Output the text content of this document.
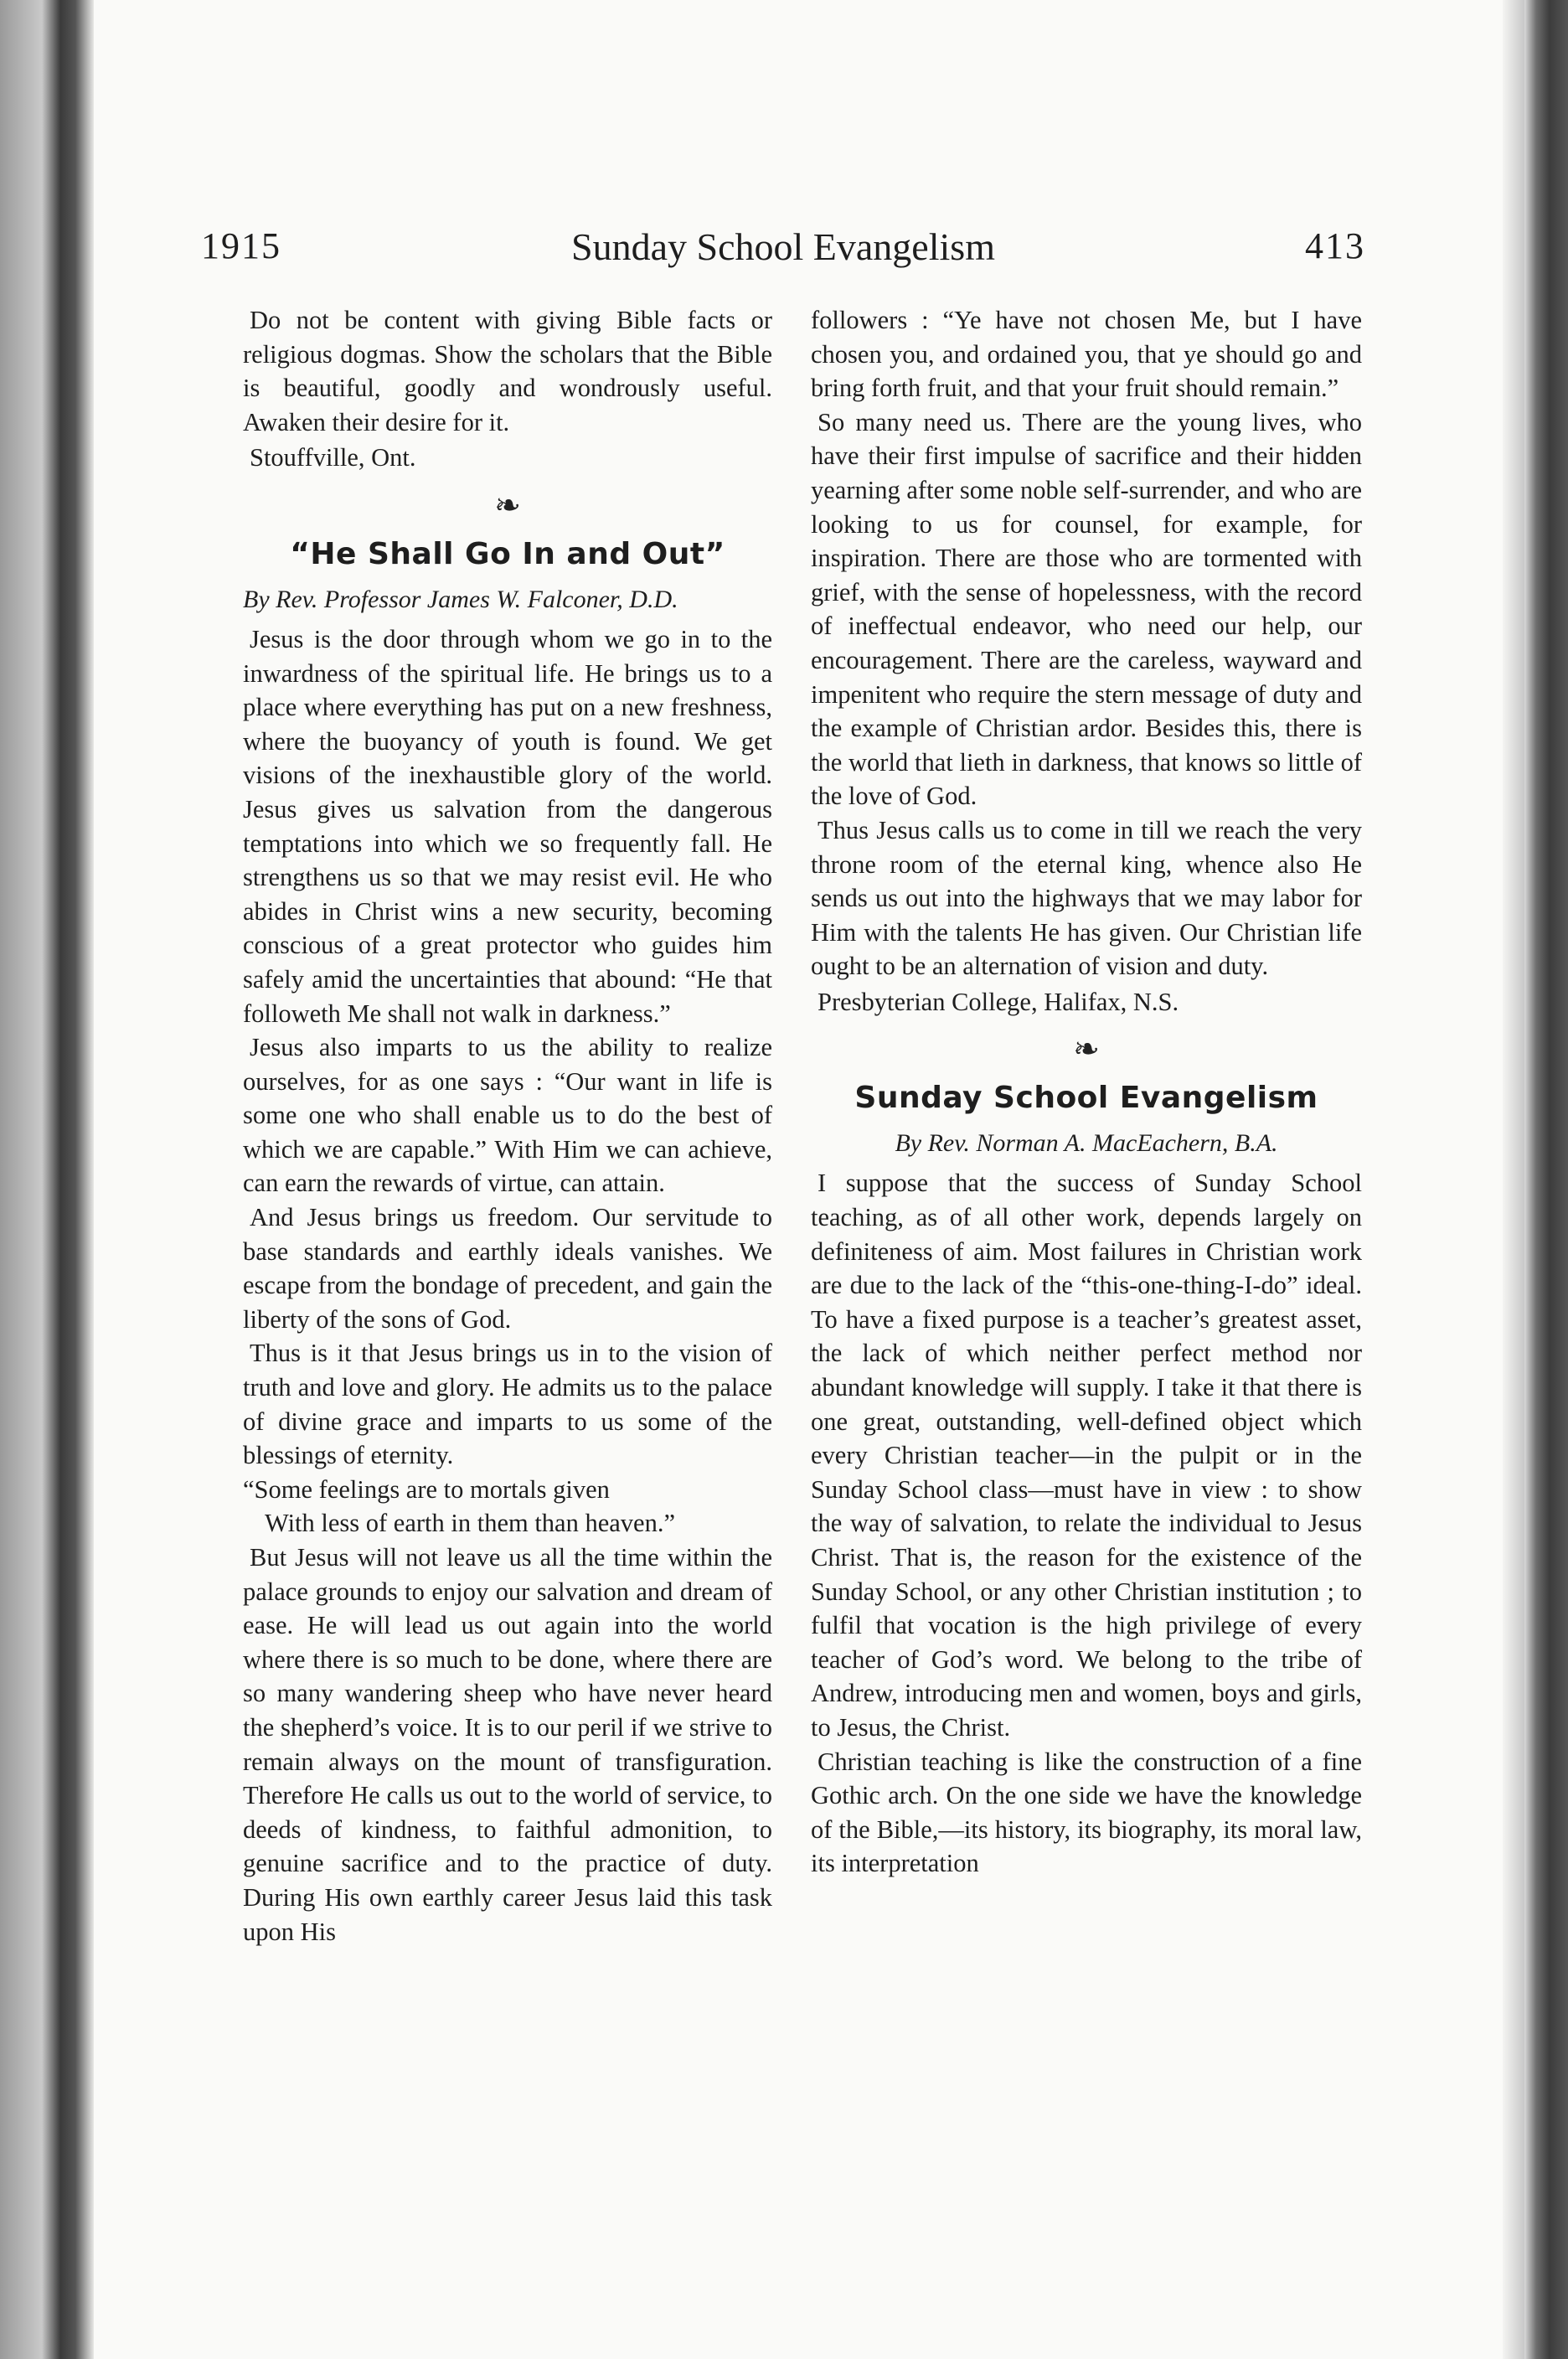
1915	Sunday School Evangelism	413

Do not be content with giving Bible facts or religious dogmas. Show the scholars that the Bible is beautiful, goodly and wondrously useful. Awaken their desire for it.

Stouffville, Ont.

❧
“He Shall Go In and Out”
By Rev. Professor James W. Falconer, D.D.

Jesus is the door through whom we go in to the inwardness of the spiritual life. He brings us to a place where everything has put on a new freshness, where the buoyancy of youth is found. We get visions of the inexhaustible glory of the world. Jesus gives us salvation from the dangerous temptations into which we so frequently fall. He strengthens us so that we may resist evil. He who abides in Christ wins a new security, becoming conscious of a great protector who guides him safely amid the uncertainties that abound: “He that followeth Me shall not walk in darkness.”

Jesus also imparts to us the ability to realize ourselves, for as one says : “Our want in life is some one who shall enable us to do the best of which we are capable.” With Him we can achieve, can earn the rewards of virtue, can attain.

And Jesus brings us freedom. Our servitude to base standards and earthly ideals vanishes. We escape from the bondage of precedent, and gain the liberty of the sons of God.

Thus is it that Jesus brings us in to the vision of truth and love and glory. He admits us to the palace of divine grace and imparts to us some of the blessings of eternity.

“Some feelings are to mortals given
With less of earth in them than heaven.”

But Jesus will not leave us all the time within the palace grounds to enjoy our salvation and dream of ease. He will lead us out again into the world where there is so much to be done, where there are so many wandering sheep who have never heard the shepherd’s voice. It is to our peril if we strive to remain always on the mount of transfiguration. Therefore He calls us out to the world of service, to deeds of kindness, to faithful admonition, to genuine sacrifice and to the practice of duty. During His own earthly career Jesus laid this task upon His

followers : “Ye have not chosen Me, but I have chosen you, and ordained you, that ye should go and bring forth fruit, and that your fruit should remain.”

So many need us. There are the young lives, who have their first impulse of sacrifice and their hidden yearning after some noble self-surrender, and who are looking to us for counsel, for example, for inspiration. There are those who are tormented with grief, with the sense of hopelessness, with the record of ineffectual endeavor, who need our help, our encouragement. There are the careless, wayward and impenitent who require the stern message of duty and the example of Christian ardor. Besides this, there is the world that lieth in darkness, that knows so little of the love of God.

Thus Jesus calls us to come in till we reach the very throne room of the eternal king, whence also He sends us out into the highways that we may labor for Him with the talents He has given. Our Christian life ought to be an alternation of vision and duty.

Presbyterian College, Halifax, N.S.

❧
Sunday School Evangelism
By Rev. Norman A. MacEachern, B.A.

I suppose that the success of Sunday School teaching, as of all other work, depends largely on definiteness of aim. Most failures in Christian work are due to the lack of the “this-one-thing-I-do” ideal. To have a fixed purpose is a teacher’s greatest asset, the lack of which neither perfect method nor abundant knowledge will supply. I take it that there is one great, outstanding, well-defined object which every Christian teacher—in the pulpit or in the Sunday School class—must have in view : to show the way of salvation, to relate the individual to Jesus Christ. That is, the reason for the existence of the Sunday School, or any other Christian institution ; to fulfil that vocation is the high privilege of every teacher of God’s word. We belong to the tribe of Andrew, introducing men and women, boys and girls, to Jesus, the Christ.

Christian teaching is like the construction of a fine Gothic arch. On the one side we have the knowledge of the Bible,—its history, its biography, its moral law, its interpretation
